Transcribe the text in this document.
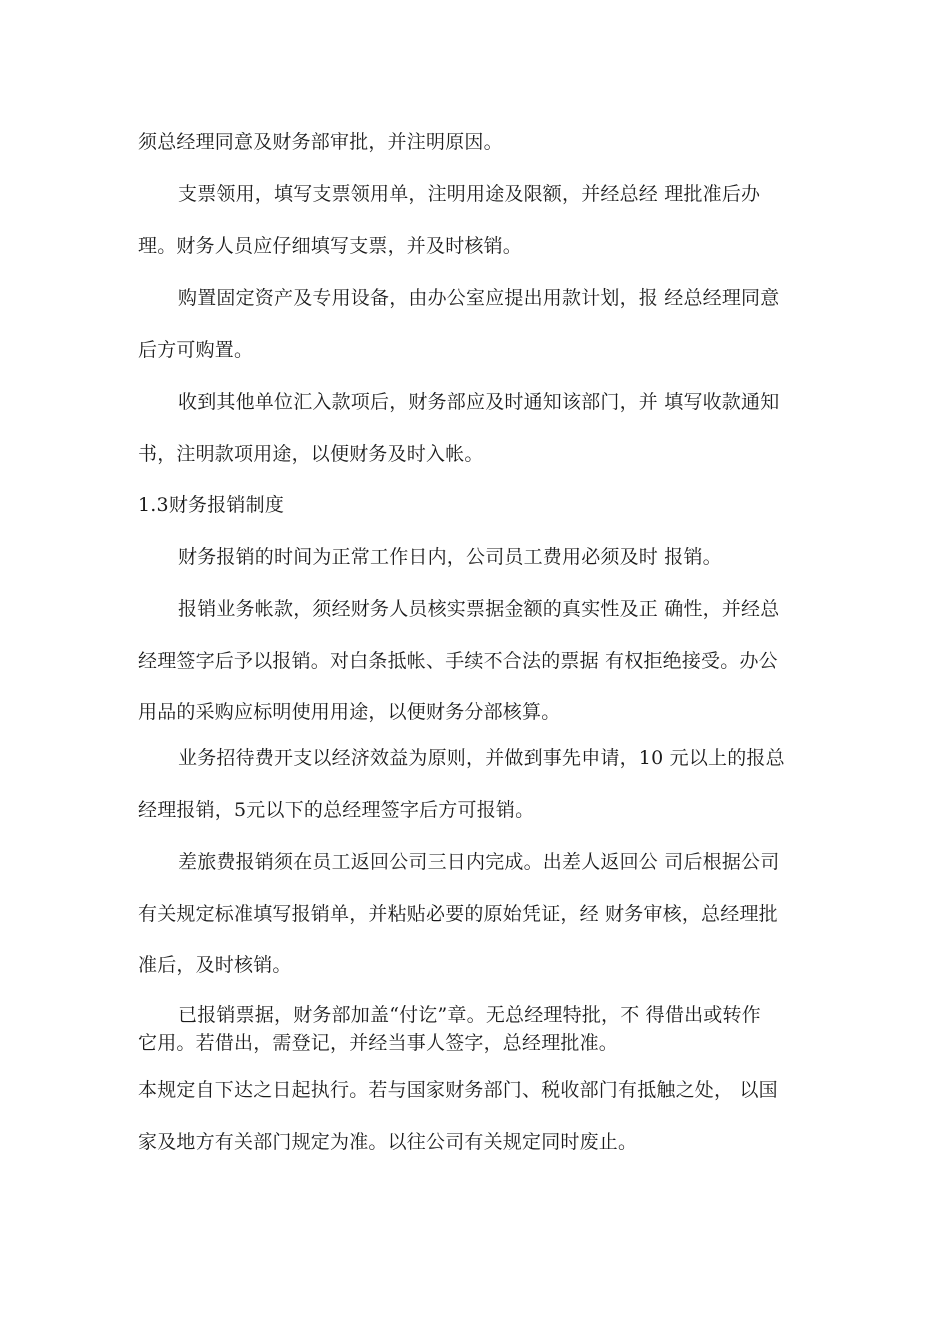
须总经理同意及财务部审批，并注明原因。
支票领用，填写支票领用单，注明用途及限额，并经总经 理批准后办
理。财务人员应仔细填写支票，并及时核销。
购置固定资产及专用设备，由办公室应提出用款计划，报 经总经理同意
后方可购置。
收到其他单位汇入款项后，财务部应及时通知该部门，并 填写收款通知
书，注明款项用途，以便财务及时入帐。
1.3财务报销制度
财务报销的时间为正常工作日内，公司员工费用必须及时 报销。
报销业务帐款，须经财务人员核实票据金额的真实性及正 确性，并经总
经理签字后予以报销。对白条抵帐、手续不合法的票据 有权拒绝接受。办公
用品的采购应标明使用用途，以便财务分部核算。
业务招待费开支以经济效益为原则，并做到事先申请，10 元以上的报总
经理报销，5元以下的总经理签字后方可报销。
差旅费报销须在员工返回公司三日内完成。出差人返回公 司后根据公司
有关规定标准填写报销单，并粘贴必要的原始凭证，经 财务审核，总经理批
准后，及时核销。
已报销票据，财务部加盖“付讫”章。无总经理特批，不 得借出或转作
它用。若借出，需登记，并经当事人签字，总经理批准。
本规定自下达之日起执行。若与国家财务部门、税收部门有抵触之处， 以国
家及地方有关部门规定为准。以往公司有关规定同时废止。
